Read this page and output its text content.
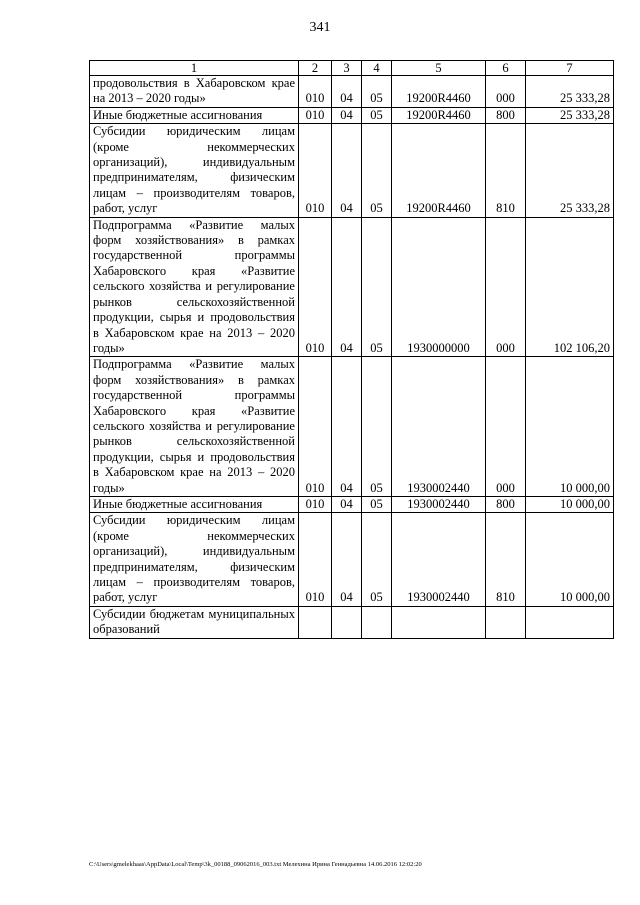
341
1	2	3	4	5	6	7
продовольствия в Хабаровском крае на 2013 – 2020 годы»	010	04	05	19200R4460	000	25 333,28
Иные бюджетные ассигнования	010	04	05	19200R4460	800	25 333,28
Субсидии юридическим лицам (кроме некоммерческих организаций), индивидуальным предпринимателям, физическим лицам – производителям товаров, работ, услуг	010	04	05	19200R4460	810	25 333,28
Подпрограмма «Развитие малых форм хозяйствования» в рамках государственной программы Хабаровского края «Развитие сельского хозяйства и регулирование рынков сельскохозяйственной продукции, сырья и продовольствия в Хабаровском крае на 2013 – 2020 годы»	010	04	05	1930000000	000	102 106,20
Подпрограмма «Развитие малых форм хозяйствования» в рамках государственной программы Хабаровского края «Развитие сельского хозяйства и регулирование рынков сельскохозяйственной продукции, сырья и продовольствия в Хабаровском крае на 2013 – 2020 годы»	010	04	05	1930002440	000	10 000,00
Иные бюджетные ассигнования	010	04	05	1930002440	800	10 000,00
Субсидии юридическим лицам (кроме некоммерческих организаций), индивидуальным предпринимателям, физическим лицам – производителям товаров, работ, услуг	010	04	05	1930002440	810	10 000,00
Субсидии бюджетам муниципальных образований						
C:\Users\gmelekhaas\AppData\Local\Temp\3k_00188_09062016_003.txt Мелехина Ирина Геннадьевна 14.06.2016 12:02:20
